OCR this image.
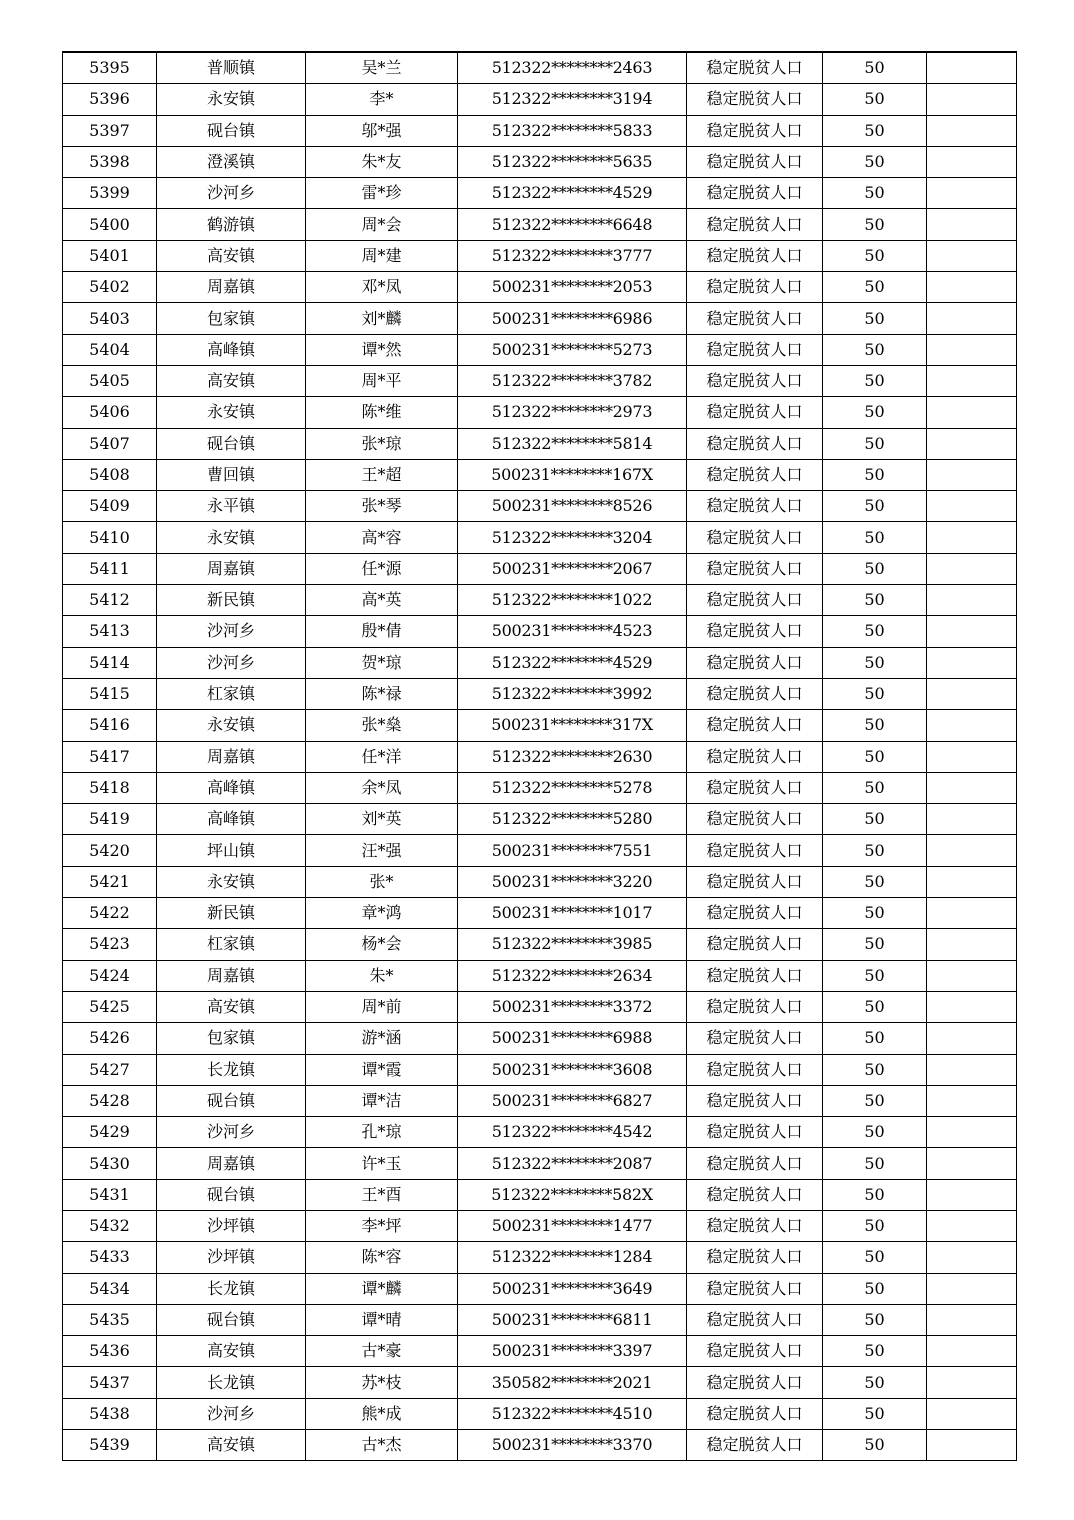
5395	普顺镇	吴*兰	512322********2463	稳定脱贫人口	50	
5396	永安镇	李*	512322********3194	稳定脱贫人口	50	
5397	砚台镇	邬*强	512322********5833	稳定脱贫人口	50	
5398	澄溪镇	朱*友	512322********5635	稳定脱贫人口	50	
5399	沙河乡	雷*珍	512322********4529	稳定脱贫人口	50	
5400	鹤游镇	周*会	512322********6648	稳定脱贫人口	50	
5401	高安镇	周*建	512322********3777	稳定脱贫人口	50	
5402	周嘉镇	邓*凤	500231********2053	稳定脱贫人口	50	
5403	包家镇	刘*麟	500231********6986	稳定脱贫人口	50	
5404	高峰镇	谭*然	500231********5273	稳定脱贫人口	50	
5405	高安镇	周*平	512322********3782	稳定脱贫人口	50	
5406	永安镇	陈*维	512322********2973	稳定脱贫人口	50	
5407	砚台镇	张*琼	512322********5814	稳定脱贫人口	50	
5408	曹回镇	王*超	500231********167X	稳定脱贫人口	50	
5409	永平镇	张*琴	500231********8526	稳定脱贫人口	50	
5410	永安镇	高*容	512322********3204	稳定脱贫人口	50	
5411	周嘉镇	任*源	500231********2067	稳定脱贫人口	50	
5412	新民镇	高*英	512322********1022	稳定脱贫人口	50	
5413	沙河乡	殷*倩	500231********4523	稳定脱贫人口	50	
5414	沙河乡	贺*琼	512322********4529	稳定脱贫人口	50	
5415	杠家镇	陈*禄	512322********3992	稳定脱贫人口	50	
5416	永安镇	张*燊	500231********317X	稳定脱贫人口	50	
5417	周嘉镇	任*洋	512322********2630	稳定脱贫人口	50	
5418	高峰镇	余*凤	512322********5278	稳定脱贫人口	50	
5419	高峰镇	刘*英	512322********5280	稳定脱贫人口	50	
5420	坪山镇	汪*强	500231********7551	稳定脱贫人口	50	
5421	永安镇	张*	500231********3220	稳定脱贫人口	50	
5422	新民镇	章*鸿	500231********1017	稳定脱贫人口	50	
5423	杠家镇	杨*会	512322********3985	稳定脱贫人口	50	
5424	周嘉镇	朱*	512322********2634	稳定脱贫人口	50	
5425	高安镇	周*前	500231********3372	稳定脱贫人口	50	
5426	包家镇	游*涵	500231********6988	稳定脱贫人口	50	
5427	长龙镇	谭*霞	500231********3608	稳定脱贫人口	50	
5428	砚台镇	谭*洁	500231********6827	稳定脱贫人口	50	
5429	沙河乡	孔*琼	512322********4542	稳定脱贫人口	50	
5430	周嘉镇	许*玉	512322********2087	稳定脱贫人口	50	
5431	砚台镇	王*酉	512322********582X	稳定脱贫人口	50	
5432	沙坪镇	李*坪	500231********1477	稳定脱贫人口	50	
5433	沙坪镇	陈*容	512322********1284	稳定脱贫人口	50	
5434	长龙镇	谭*麟	500231********3649	稳定脱贫人口	50	
5435	砚台镇	谭*晴	500231********6811	稳定脱贫人口	50	
5436	高安镇	古*豪	500231********3397	稳定脱贫人口	50	
5437	长龙镇	苏*枝	350582********2021	稳定脱贫人口	50	
5438	沙河乡	熊*成	512322********4510	稳定脱贫人口	50	
5439	高安镇	古*杰	500231********3370	稳定脱贫人口	50	
